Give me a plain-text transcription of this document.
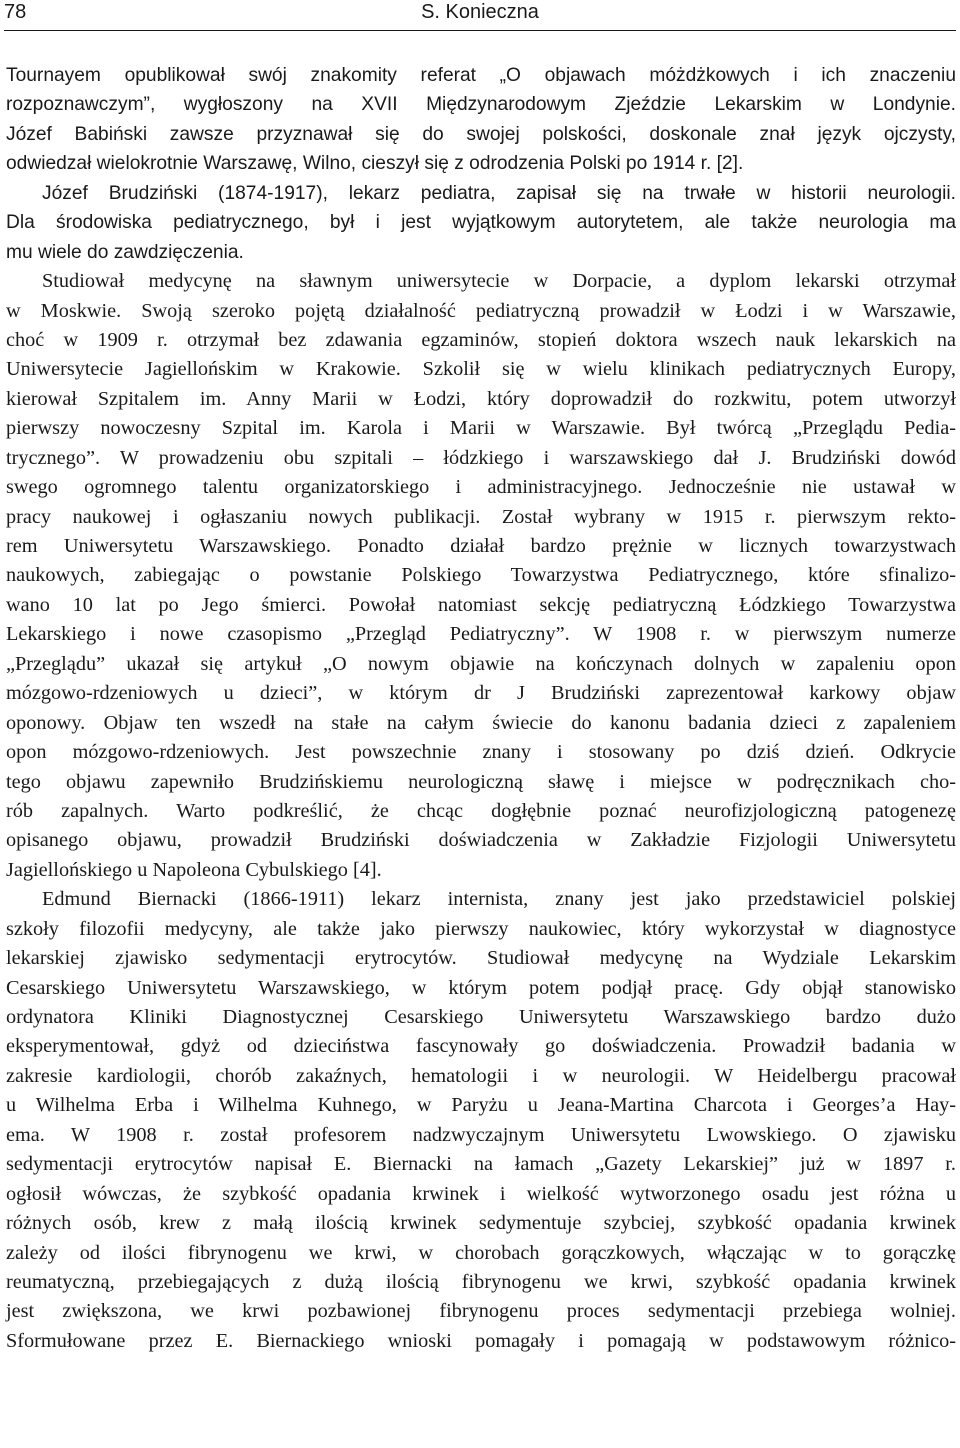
78	S. Konieczna
Tournayem opublikował swój znakomity referat „O objawach móżdżkowych i ich znaczeniu
rozpoznawczym”, wygłoszony na XVII Międzynarodowym Zjeździe Lekarskim w Londynie.
Józef Babiński zawsze przyznawał się do swojej polskości, doskonale znał język ojczysty,
odwiedzał wielokrotnie Warszawę, Wilno, cieszył się z odrodzenia Polski po 1914 r. [2].
Józef Brudziński (1874-1917), lekarz pediatra, zapisał się na trwałe w historii neurologii.
Dla środowiska pediatrycznego, był i jest wyjątkowym autorytetem, ale także neurologia ma
mu wiele do zawdzięczenia.
Studiował medycynę na sławnym uniwersytecie w Dorpacie, a dyplom lekarski otrzymał
w Moskwie. Swoją szeroko pojętą działalność pediatryczną prowadził w Łodzi i w Warszawie,
choć w 1909 r. otrzymał bez zdawania egzaminów, stopień doktora wszech nauk lekarskich na
Uniwersytecie Jagiellońskim w Krakowie. Szkolił się w wielu klinikach pediatrycznych Europy,
kierował Szpitalem im. Anny Marii w Łodzi, który doprowadził do rozkwitu, potem utworzył
pierwszy nowoczesny Szpital im. Karola i Marii w Warszawie. Był twórcą „Przeglądu Pedia-
trycznego”. W prowadzeniu obu szpitali – łódzkiego i warszawskiego dał J. Brudziński dowód
swego ogromnego talentu organizatorskiego i administracyjnego. Jednocześnie nie ustawał w
pracy naukowej i ogłaszaniu nowych publikacji. Został wybrany w 1915 r. pierwszym rekto-
rem Uniwersytetu Warszawskiego. Ponadto działał bardzo prężnie w licznych towarzystwach
naukowych, zabiegając o powstanie Polskiego Towarzystwa Pediatrycznego, które sfinalizo-
wano 10 lat po Jego śmierci. Powołał natomiast sekcję pediatryczną Łódzkiego Towarzystwa
Lekarskiego i nowe czasopismo „Przegląd Pediatryczny”. W 1908 r. w pierwszym numerze
„Przeglądu” ukazał się artykuł „O nowym objawie na kończynach dolnych w zapaleniu opon
mózgowo-rdzeniowych u dzieci”, w którym dr J Brudziński zaprezentował karkowy objaw
oponowy. Objaw ten wszedł na stałe na całym świecie do kanonu badania dzieci z zapaleniem
opon mózgowo-rdzeniowych. Jest powszechnie znany i stosowany po dziś dzień. Odkrycie
tego objawu zapewniło Brudzińskiemu neurologiczną sławę i miejsce w podręcznikach cho-
rób zapalnych. Warto podkreślić, że chcąc dogłębnie poznać neurofizjologiczną patogenezę
opisanego objawu, prowadził Brudziński doświadczenia w Zakładzie Fizjologii Uniwersytetu
Jagiellońskiego u Napoleona Cybulskiego [4].
Edmund Biernacki (1866-1911) lekarz internista, znany jest jako przedstawiciel polskiej
szkoły filozofii medycyny, ale także jako pierwszy naukowiec, który wykorzystał w diagnostyce
lekarskiej zjawisko sedymentacji erytrocytów. Studiował medycynę na Wydziale Lekarskim
Cesarskiego Uniwersytetu Warszawskiego, w którym potem podjął pracę. Gdy objął stanowisko
ordynatora Kliniki Diagnostycznej Cesarskiego Uniwersytetu Warszawskiego bardzo dużo
eksperymentował, gdyż od dzieciństwa fascynowały go doświadczenia. Prowadził badania w
zakresie kardiologii, chorób zakaźnych, hematologii i w neurologii. W Heidelbergu pracował
u Wilhelma Erba i Wilhelma Kuhnego, w Paryżu u Jeana-Martina Charcota i Georges’a Hay-
ema. W 1908 r. został profesorem nadzwyczajnym Uniwersytetu Lwowskiego. O zjawisku
sedymentacji erytrocytów napisał E. Biernacki na łamach „Gazety Lekarskiej” już w 1897 r.
ogłosił wówczas, że szybkość opadania krwinek i wielkość wytworzonego osadu jest różna u
różnych osób, krew z małą ilością krwinek sedymentuje szybciej, szybkość opadania krwinek
zależy od ilości fibrynogenu we krwi, w chorobach gorączkowych, włączając w to gorączkę
reumatyczną, przebiegających z dużą ilością fibrynogenu we krwi, szybkość opadania krwinek
jest zwiększona, we krwi pozbawionej fibrynogenu proces sedymentacji przebiega wolniej.
Sformułowane przez E. Biernackiego wnioski pomagały i pomagają w podstawowym różnico-
